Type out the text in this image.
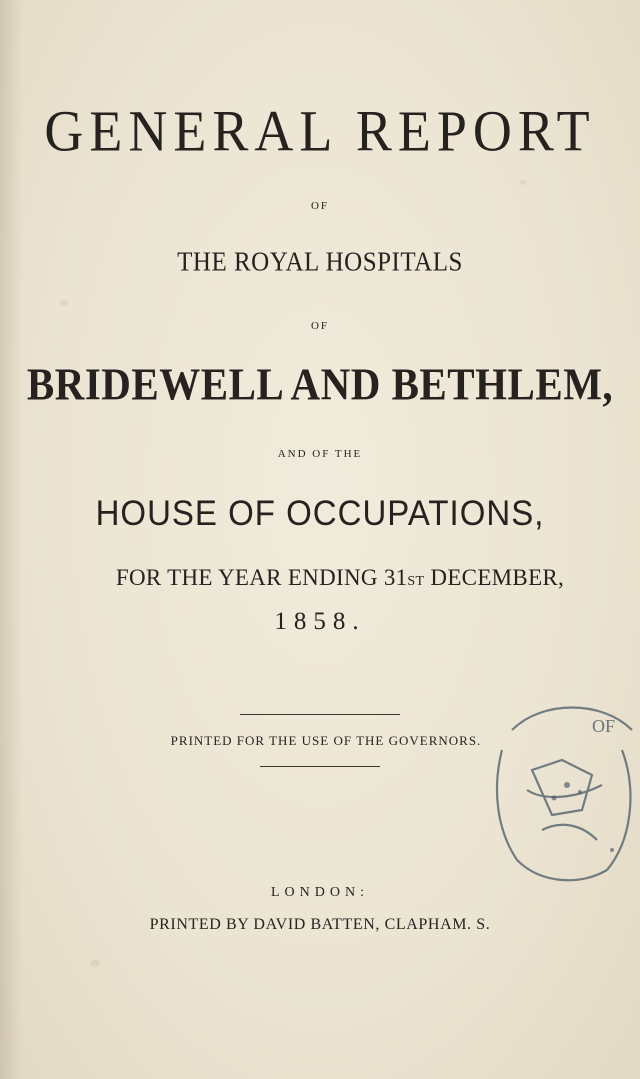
GENERAL REPORT
OF
THE ROYAL HOSPITALS
OF
BRIDEWELL AND BETHLEM,
AND OF THE
HOUSE OF OCCUPATIONS,
FOR THE YEAR ENDING 31ST DECEMBER,
1858.
PRINTED FOR THE USE OF THE GOVERNORS.
LONDON:
PRINTED BY DAVID BATTEN, CLAPHAM. S.
OF
